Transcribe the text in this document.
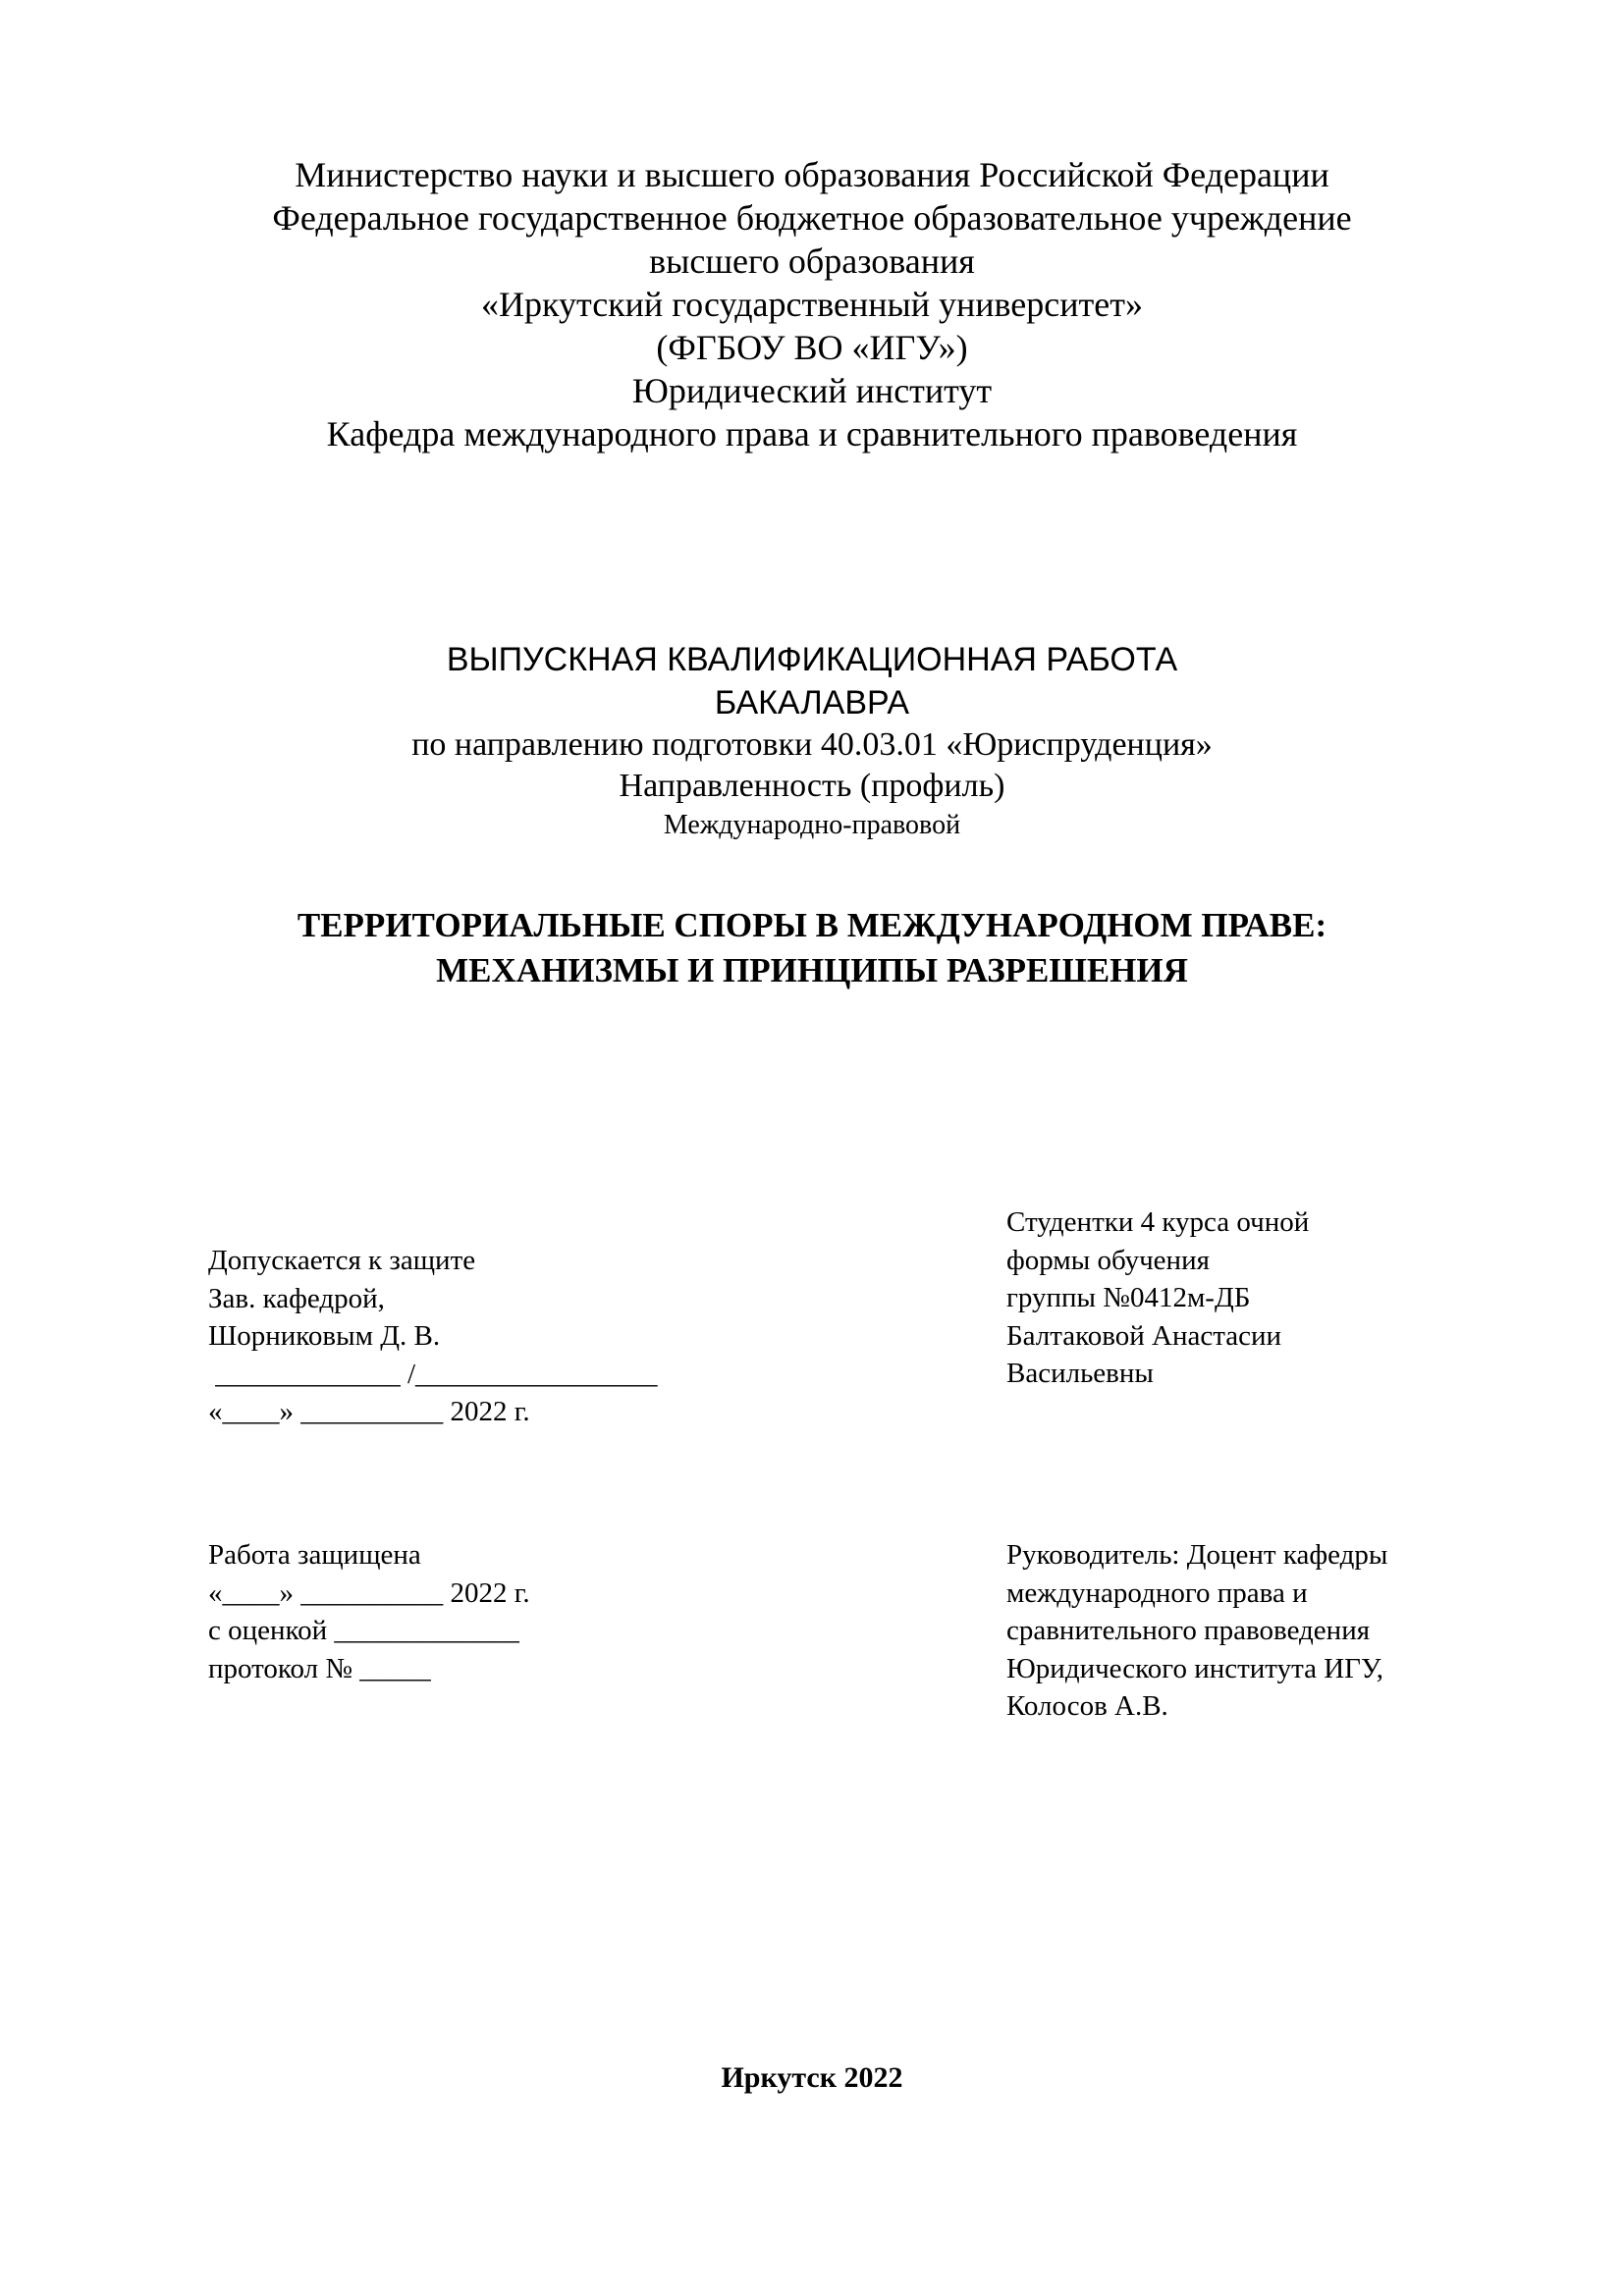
Министерство науки и высшего образования Российской Федерации
Федеральное государственное бюджетное образовательное учреждение
высшего образования
«Иркутский государственный университет»
(ФГБОУ ВО «ИГУ»)
Юридический институт
Кафедра международного права и сравнительного правоведения
ВЫПУСКНАЯ КВАЛИФИКАЦИОННАЯ РАБОТА
БАКАЛАВРА
по направлению подготовки 40.03.01 «Юриспруденция»
Направленность (профиль)
Международно-правовой
ТЕРРИТОРИАЛЬНЫЕ СПОРЫ В МЕЖДУНАРОДНОМ ПРАВЕ:
МЕХАНИЗМЫ И ПРИНЦИПЫ РАЗРЕШЕНИЯ
Допускается к защите
Зав. кафедрой,
Шорниковым Д. В.
_____________ /_________________
«____» __________ 2022 г.
Студентки 4 курса очной
формы обучения
группы №0412м-ДБ
Балтаковой Анастасии
Васильевны
Работа защищена
«____» __________ 2022 г.
с оценкой _____________
протокол № _____
Руководитель: Доцент кафедры
международного права и
сравнительного правоведения
Юридического института ИГУ,
Колосов А.В.
Иркутск 2022
